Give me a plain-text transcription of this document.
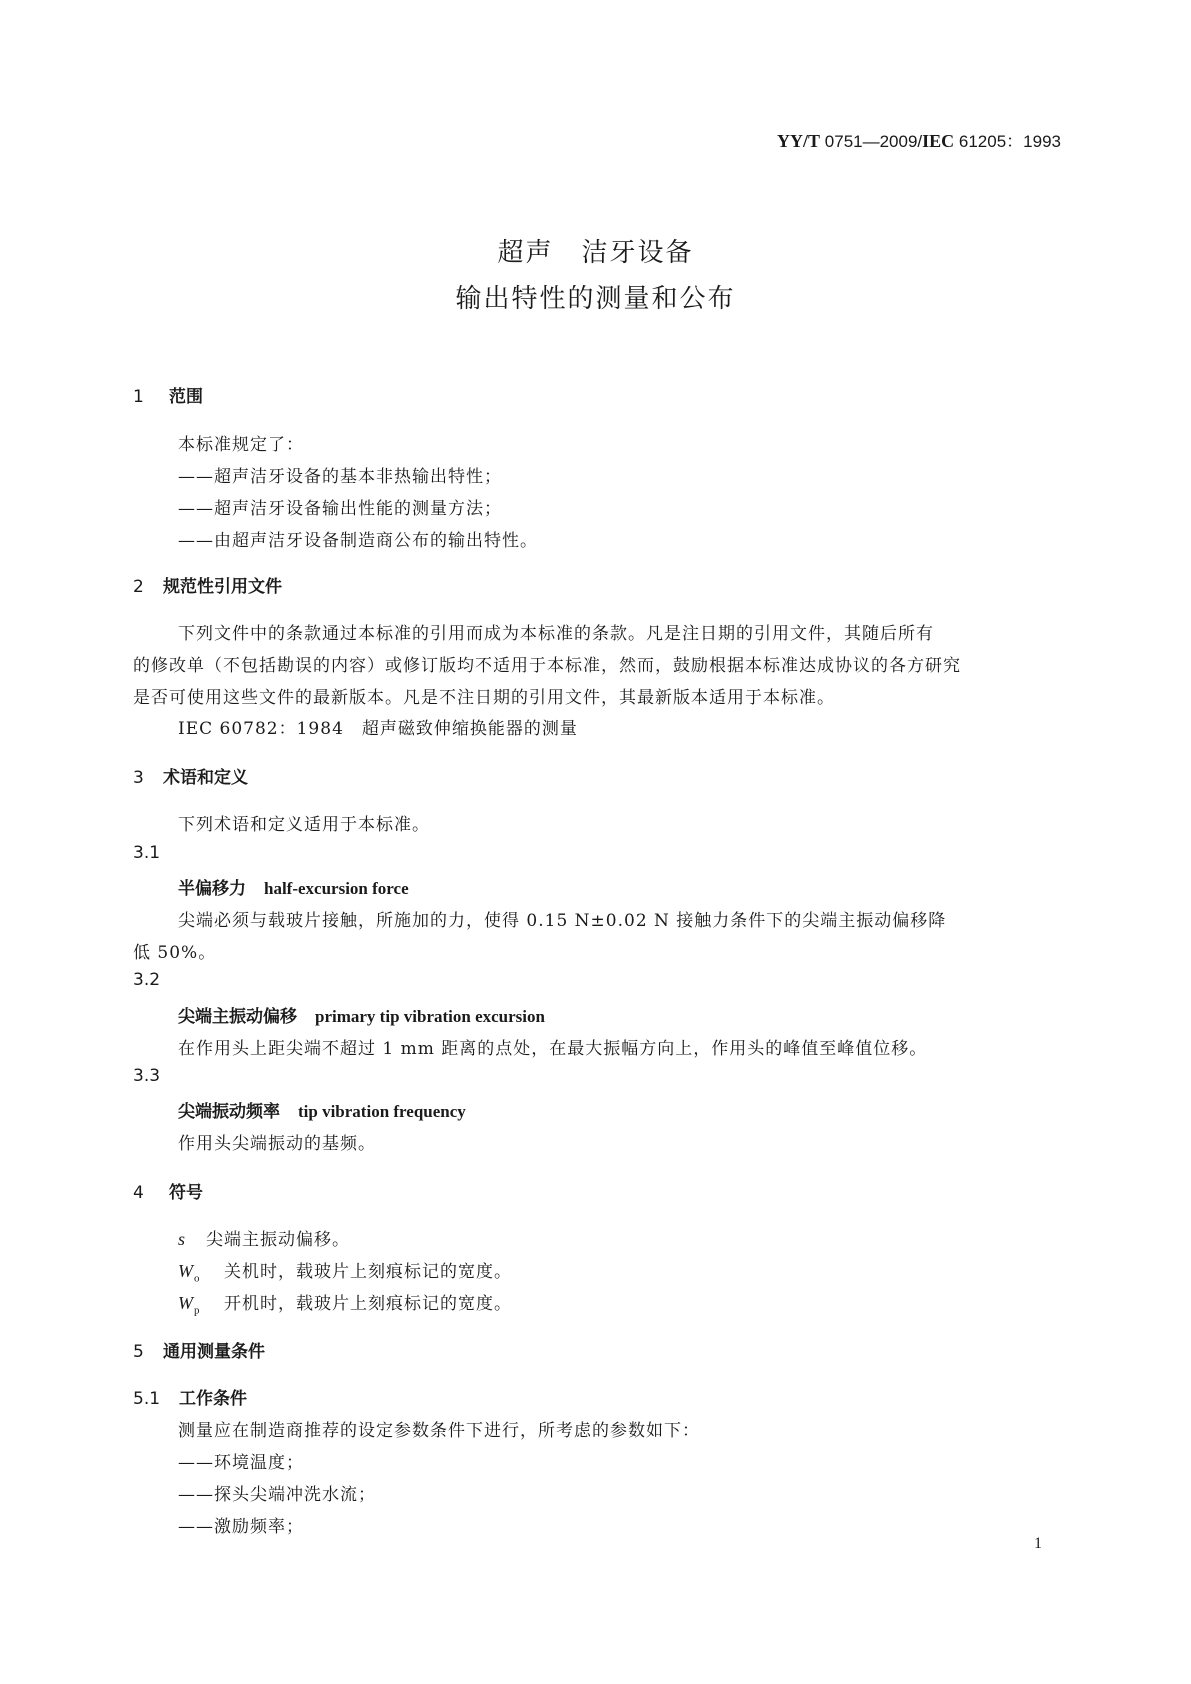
YY/T 0751—2009/IEC 61205：1993
超声　洁牙设备
输出特性的测量和公布
1 范围
本标准规定了：
——超声洁牙设备的基本非热输出特性；
——超声洁牙设备输出性能的测量方法；
——由超声洁牙设备制造商公布的输出特性。
2 规范性引用文件
下列文件中的条款通过本标准的引用而成为本标准的条款。凡是注日期的引用文件，其随后所有
的修改单（不包括勘误的内容）或修订版均不适用于本标准，然而，鼓励根据本标准达成协议的各方研究
是否可使用这些文件的最新版本。凡是不注日期的引用文件，其最新版本适用于本标准。
IEC 60782：1984　超声磁致伸缩换能器的测量
3 术语和定义
下列术语和定义适用于本标准。
3.1
半偏移力 half-excursion force
尖端必须与载玻片接触，所施加的力，使得 0.15 N±0.02 N 接触力条件下的尖端主振动偏移降
低 50%。
3.2
尖端主振动偏移 primary tip vibration excursion
在作用头上距尖端不超过 1 mm 距离的点处，在最大振幅方向上，作用头的峰值至峰值位移。
3.3
尖端振动频率 tip vibration frequency
作用头尖端振动的基频。
4 符号
s 尖端主振动偏移。
$W_o$ 关机时，载玻片上刻痕标记的宽度。
$W_p$ 开机时，载玻片上刻痕标记的宽度。
5 通用测量条件
5.1 工作条件
测量应在制造商推荐的设定参数条件下进行，所考虑的参数如下：
——环境温度；
——探头尖端冲洗水流；
——激励频率；
1
